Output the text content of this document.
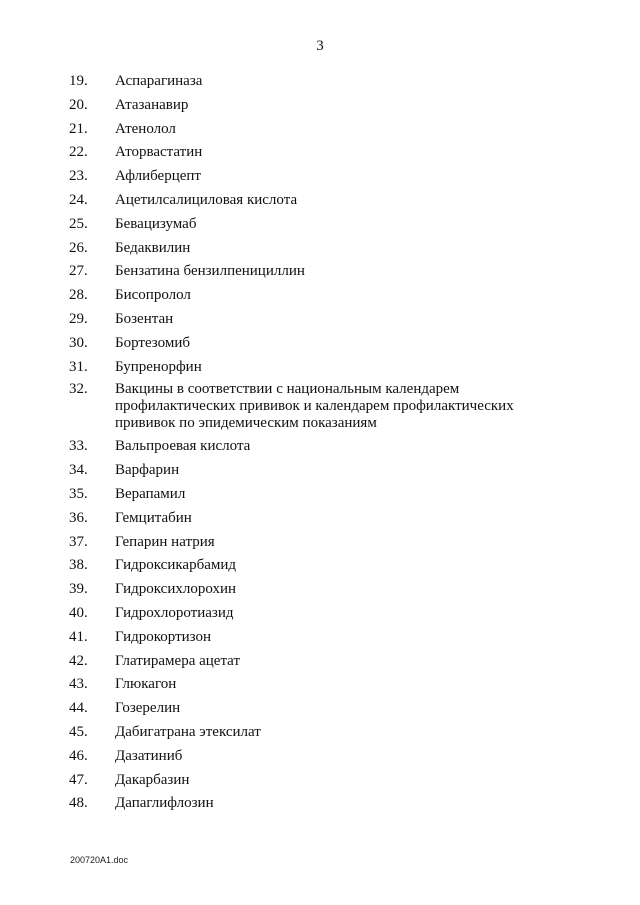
3
19.	Аспарагиназа
20.	Атазанавир
21.	Атенолол
22.	Аторвастатин
23.	Афлиберцепт
24.	Ацетилсалициловая кислота
25.	Бевацизумаб
26.	Бедаквилин
27.	Бензатина бензилпенициллин
28.	Бисопролол
29.	Бозентан
30.	Бортезомиб
31.	Бупренорфин
32.	Вакцины в соответствии с национальным календарем
профилактических прививок и календарем профилактических
прививок по эпидемическим показаниям
33.	Вальпроевая кислота
34.	Варфарин
35.	Верапамил
36.	Гемцитабин
37.	Гепарин натрия
38.	Гидроксикарбамид
39.	Гидроксихлорохин
40.	Гидрохлоротиазид
41.	Гидрокортизон
42.	Глатирамера ацетат
43.	Глюкагон
44.	Гозерелин
45.	Дабигатрана этексилат
46.	Дазатиниб
47.	Дакарбазин
48.	Дапаглифлозин
200720A1.doc
